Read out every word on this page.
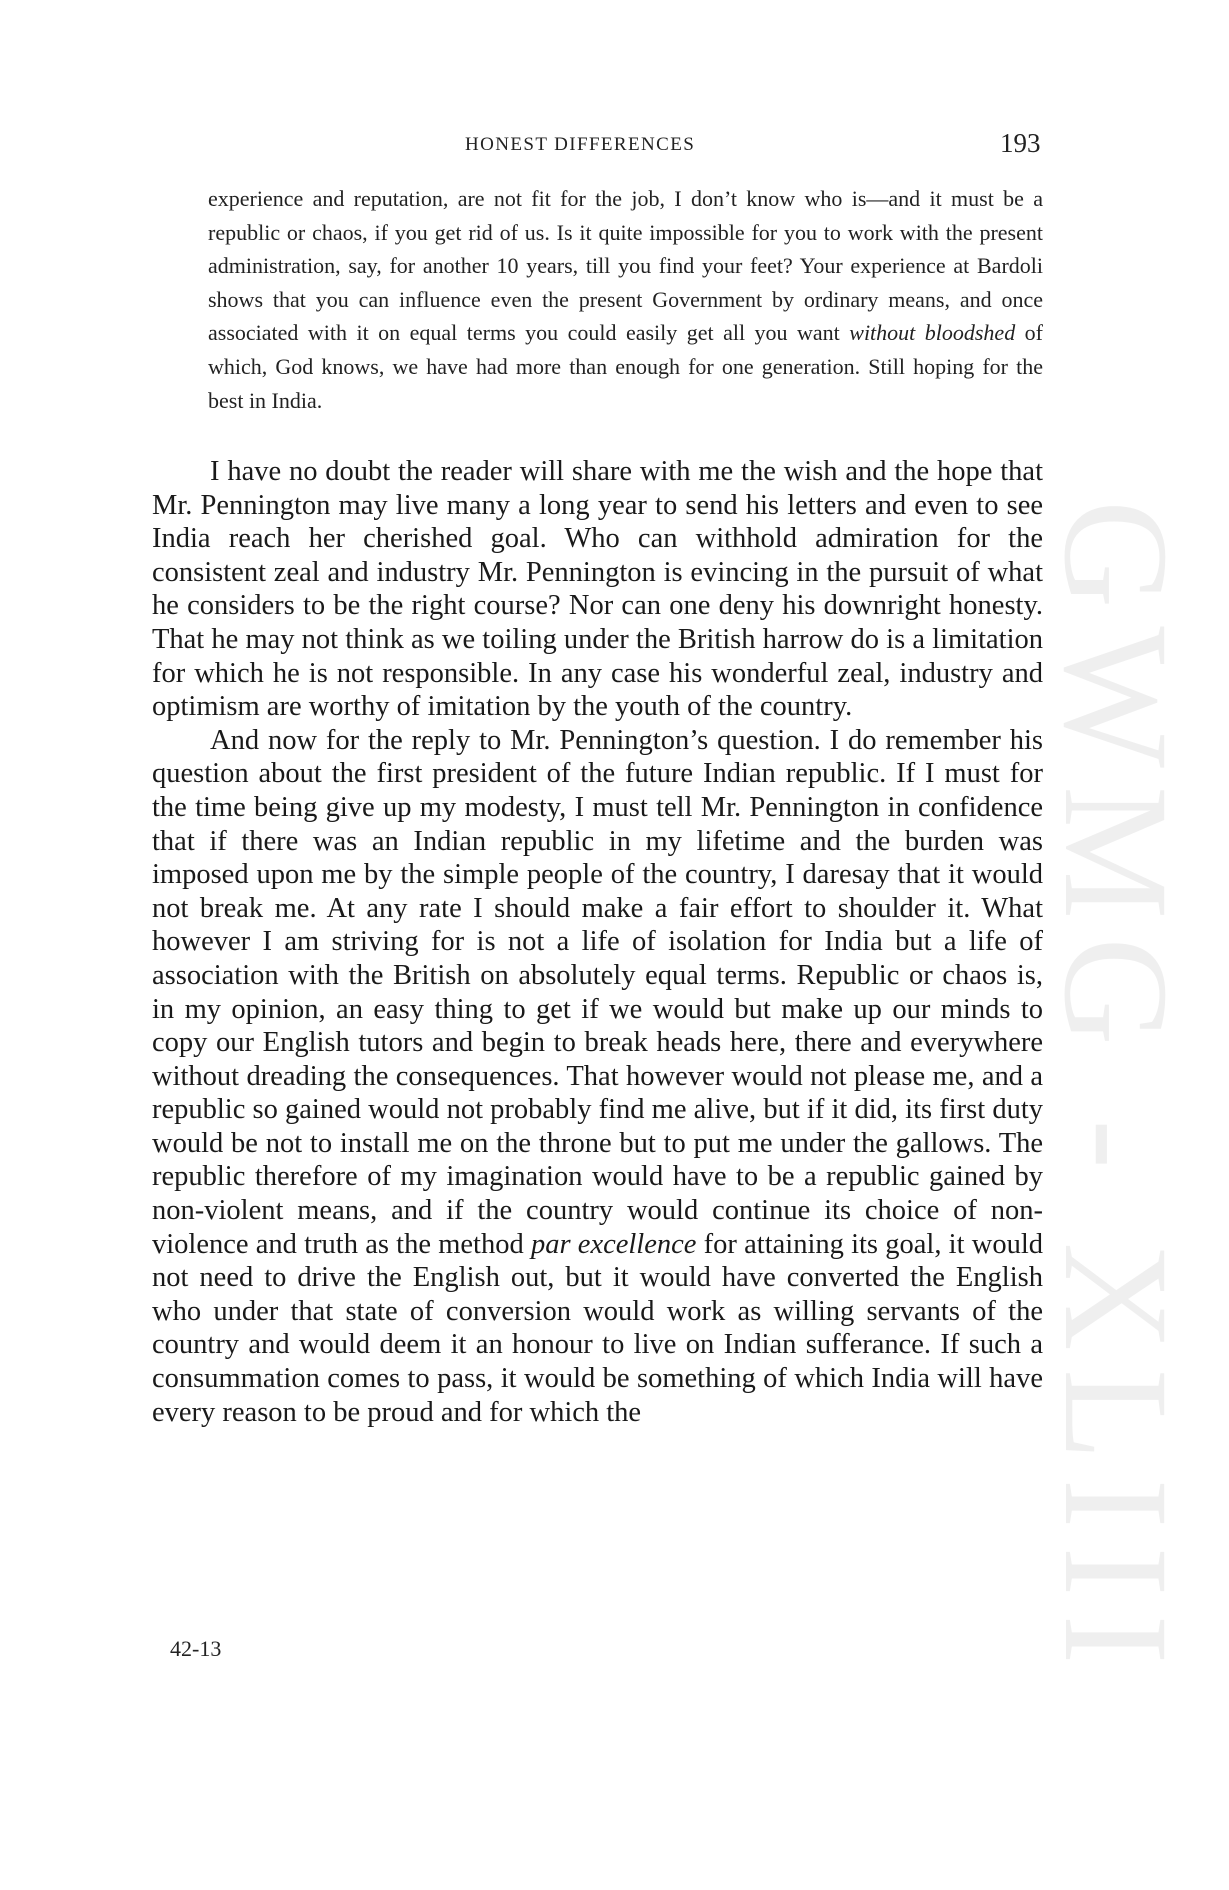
GWMG - XLIII
HONEST DIFFERENCES	193

experience and reputation, are not fit for the job, I don’t know who is—and it must be a republic or chaos, if you get rid of us. Is it quite impossible for you to work with the present administration, say, for another 10 years, till you find your feet? Your experience at Bardoli shows that you can influence even the present Government by ordinary means, and once associated with it on equal terms you could easily get all you want without bloodshed of which, God knows, we have had more than enough for one generation. Still hoping for the best in India.

I have no doubt the reader will share with me the wish and the hope that Mr. Pennington may live many a long year to send his letters and even to see India reach her cherished goal. Who can withhold admiration for the consistent zeal and industry Mr. Pennington is evincing in the pursuit of what he considers to be the right course? Nor can one deny his downright honesty. That he may not think as we toiling under the British harrow do is a limitation for which he is not responsible. In any case his wonderful zeal, industry and optimism are worthy of imitation by the youth of the country.

And now for the reply to Mr. Pennington’s question. I do remember his question about the first president of the future Indian republic. If I must for the time being give up my modesty, I must tell Mr. Pennington in confidence that if there was an Indian republic in my lifetime and the burden was imposed upon me by the simple people of the country, I daresay that it would not break me. At any rate I should make a fair effort to shoulder it. What however I am striving for is not a life of isolation for India but a life of association with the British on absolutely equal terms. Republic or chaos is, in my opinion, an easy thing to get if we would but make up our minds to copy our English tutors and begin to break heads here, there and everywhere without dreading the consequences. That however would not please me, and a republic so gained would not probably find me alive, but if it did, its first duty would be not to install me on the throne but to put me under the gallows. The republic therefore of my imagination would have to be a republic gained by non-violent means, and if the country would continue its choice of non-violence and truth as the method par excellence for attaining its goal, it would not need to drive the English out, but it would have converted the English who under that state of conversion would work as willing servants of the country and would deem it an honour to live on Indian sufferance. If such a consummation comes to pass, it would be something of which India will have every reason to be proud and for which the

42-13
